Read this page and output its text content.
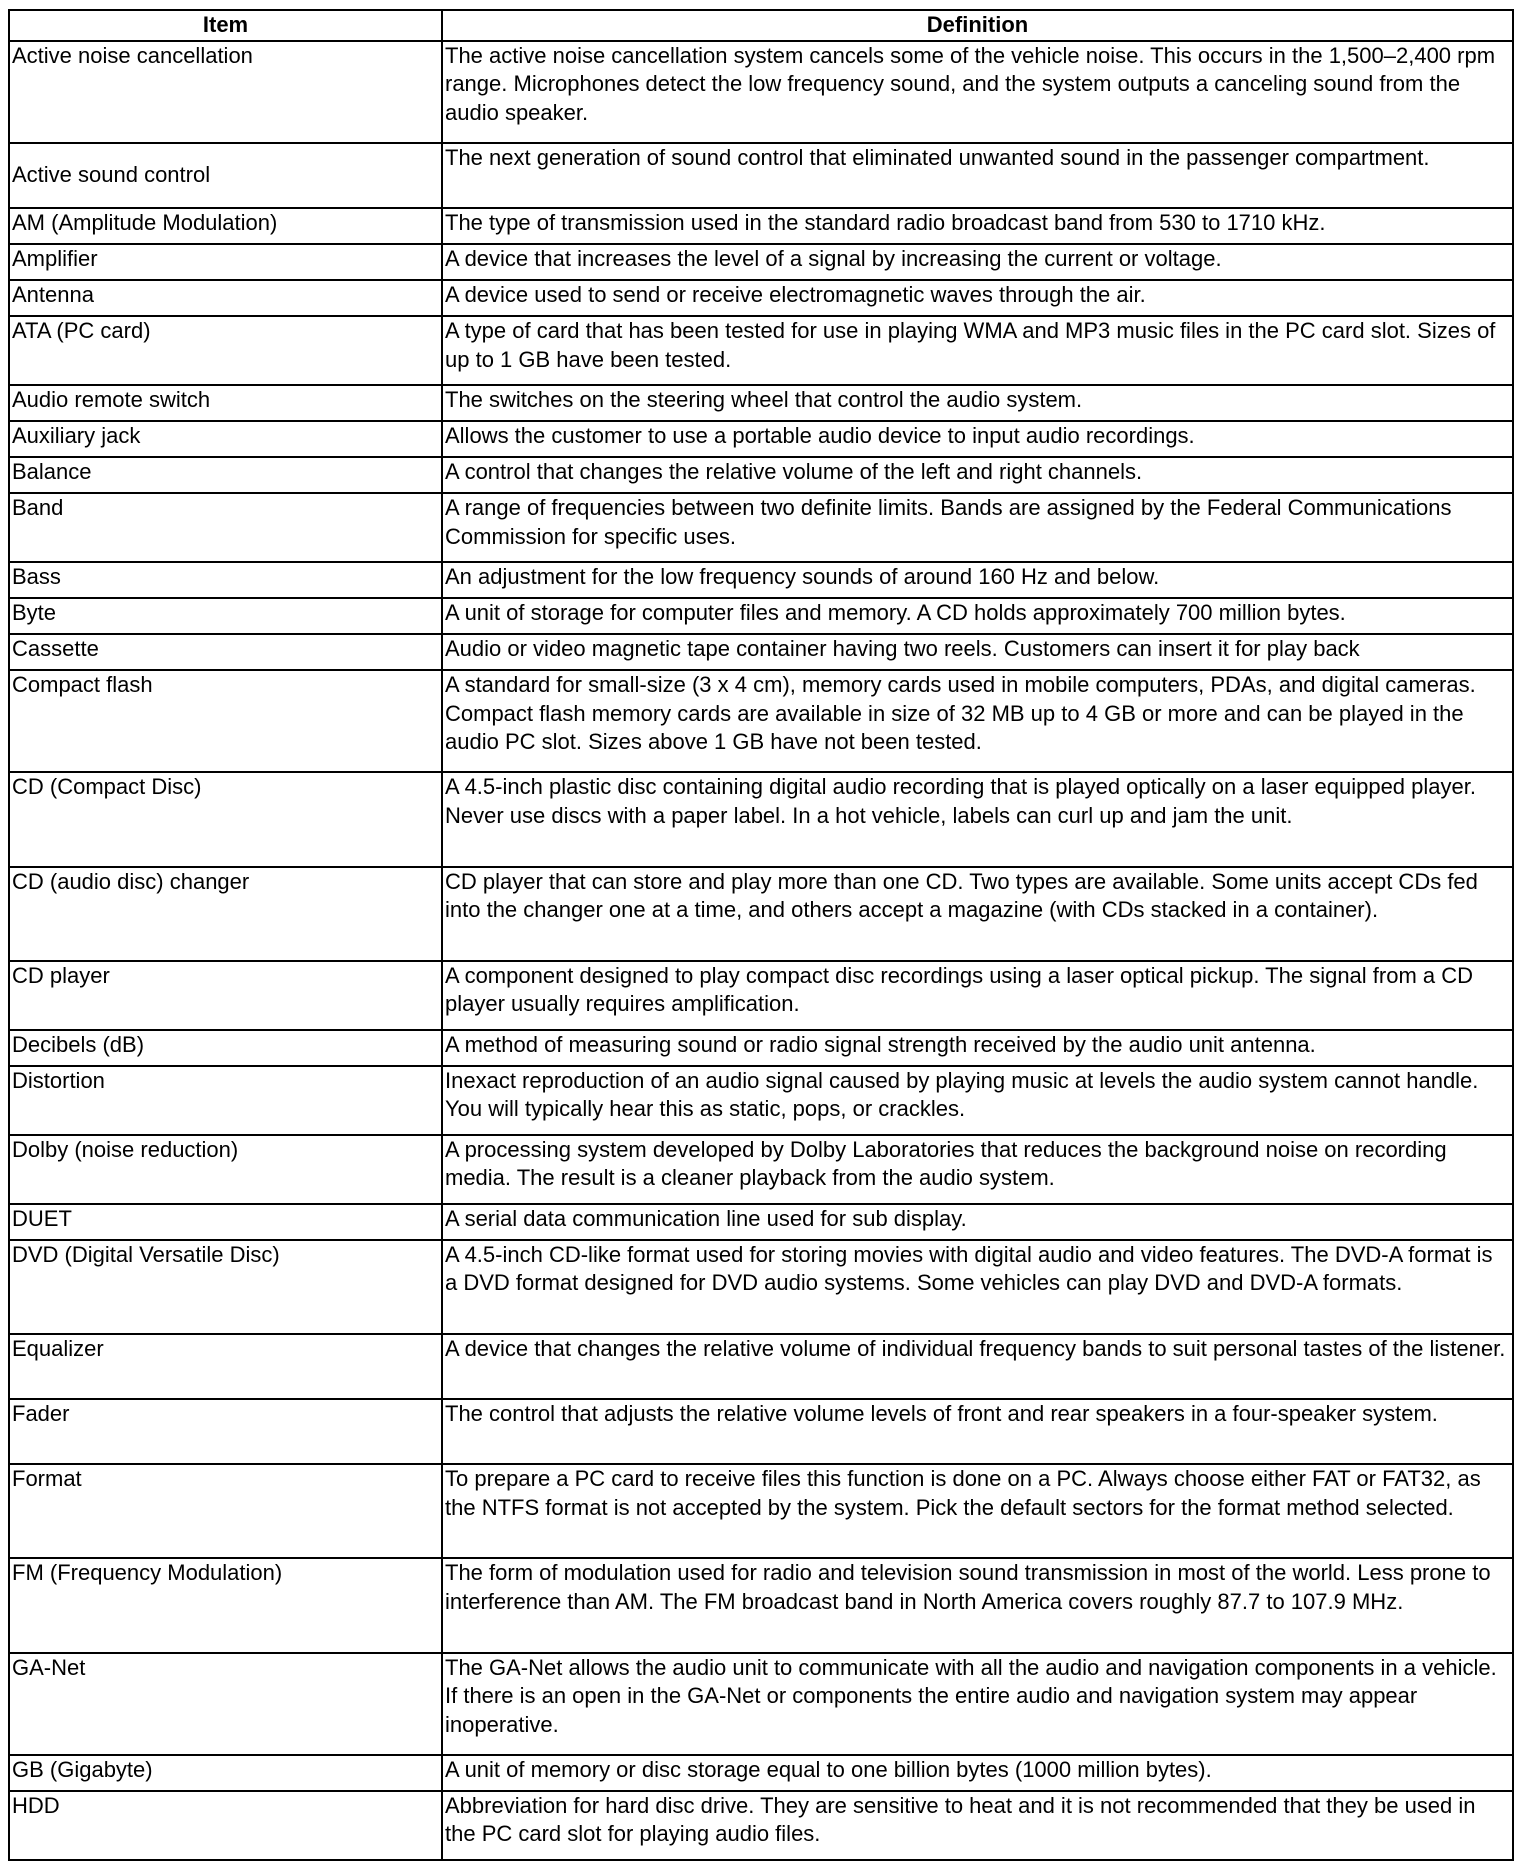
Item	Definition
Active noise cancellation	The active noise cancellation system cancels some of the vehicle noise. This occurs in the 1,500–2,400 rpm range. Microphones detect the low frequency sound, and the system outputs a canceling sound from the audio speaker.
Active sound control	The next generation of sound control that eliminated unwanted sound in the passenger compartment.
AM (Amplitude Modulation)	The type of transmission used in the standard radio broadcast band from 530 to 1710 kHz.
Amplifier	A device that increases the level of a signal by increasing the current or voltage.
Antenna	A device used to send or receive electromagnetic waves through the air.
ATA (PC card)	A type of card that has been tested for use in playing WMA and MP3 music files in the PC card slot. Sizes of up to 1 GB have been tested.
Audio remote switch	The switches on the steering wheel that control the audio system.
Auxiliary jack	Allows the customer to use a portable audio device to input audio recordings.
Balance	A control that changes the relative volume of the left and right channels.
Band	A range of frequencies between two definite limits. Bands are assigned by the Federal Communications Commission for specific uses.
Bass	An adjustment for the low frequency sounds of around 160 Hz and below.
Byte	A unit of storage for computer files and memory. A CD holds approximately 700 million bytes.
Cassette	Audio or video magnetic tape container having two reels. Customers can insert it for play back
Compact flash	A standard for small-size (3 x 4 cm), memory cards used in mobile computers, PDAs, and digital cameras. Compact flash memory cards are available in size of 32 MB up to 4 GB or more and can be played in the audio PC slot. Sizes above 1 GB have not been tested.
CD (Compact Disc)	A 4.5-inch plastic disc containing digital audio recording that is played optically on a laser equipped player. Never use discs with a paper label. In a hot vehicle, labels can curl up and jam the unit.
CD (audio disc) changer	CD player that can store and play more than one CD. Two types are available. Some units accept CDs fed into the changer one at a time, and others accept a magazine (with CDs stacked in a container).
CD player	A component designed to play compact disc recordings using a laser optical pickup. The signal from a CD player usually requires amplification.
Decibels (dB)	A method of measuring sound or radio signal strength received by the audio unit antenna.
Distortion	Inexact reproduction of an audio signal caused by playing music at levels the audio system cannot handle. You will typically hear this as static, pops, or crackles.
Dolby (noise reduction)	A processing system developed by Dolby Laboratories that reduces the background noise on recording media. The result is a cleaner playback from the audio system.
DUET	A serial data communication line used for sub display.
DVD (Digital Versatile Disc)	A 4.5-inch CD-like format used for storing movies with digital audio and video features. The DVD-A format is a DVD format designed for DVD audio systems. Some vehicles can play DVD and DVD-A formats.
Equalizer	A device that changes the relative volume of individual frequency bands to suit personal tastes of the listener.
Fader	The control that adjusts the relative volume levels of front and rear speakers in a four-speaker system.
Format	To prepare a PC card to receive files this function is done on a PC. Always choose either FAT or FAT32, as the NTFS format is not accepted by the system. Pick the default sectors for the format method selected.
FM (Frequency Modulation)	The form of modulation used for radio and television sound transmission in most of the world. Less prone to interference than AM. The FM broadcast band in North America covers roughly 87.7 to 107.9 MHz.
GA-Net	The GA-Net allows the audio unit to communicate with all the audio and navigation components in a vehicle. If there is an open in the GA-Net or components the entire audio and navigation system may appear inoperative.
GB (Gigabyte)	A unit of memory or disc storage equal to one billion bytes (1000 million bytes).
HDD	Abbreviation for hard disc drive. They are sensitive to heat and it is not recommended that they be used in the PC card slot for playing audio files.
